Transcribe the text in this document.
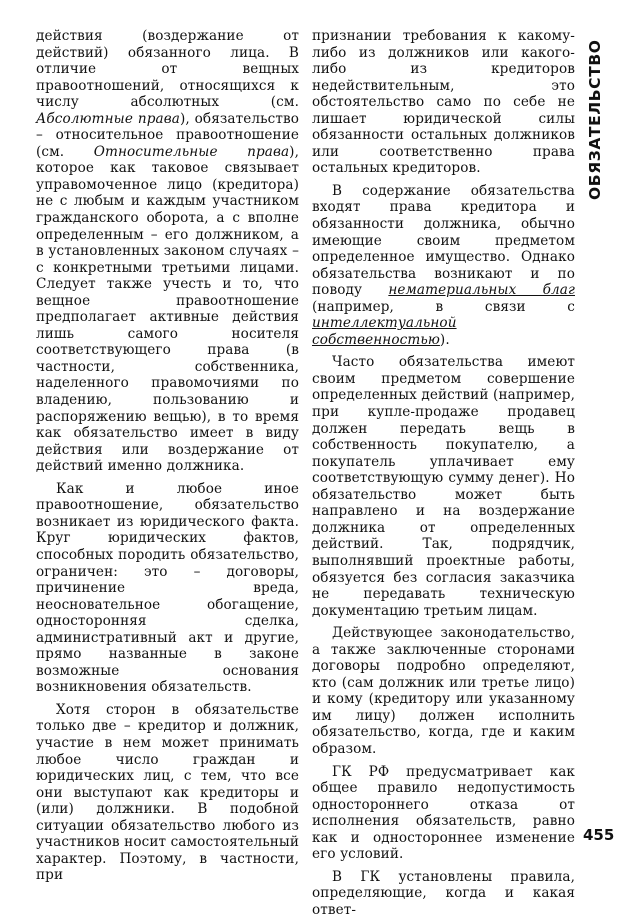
действия (воздержание от действий) обязанного лица. В отличие от вещных правоотношений, относящихся к числу абсолютных (см. Абсолютные права), обязательство – относительное правоотношение (см. Относительные права), которое как таковое связывает управомоченное лицо (кредитора) не с любым и каждым участником гражданского оборота, а с вполне определенным – его должником, а в установленных законом случаях – с конкретными третьими лицами. Следует также учесть и то, что вещное правоотношение предполагает активные действия лишь самого носителя соответствующего права (в частности, собственника, наделенного правомочиями по владению, пользованию и распоряжению вещью), в то время как обязательство имеет в виду действия или воздержание от действий именно должника.

Как и любое иное правоотношение, обязательство возникает из юридического факта. Круг юридических фактов, способных породить обязательство, ограничен: это – договоры, причинение вреда, неосновательное обогащение, односторонняя сделка, административный акт и другие, прямо названные в законе возможные основания возникновения обязательств.

Хотя сторон в обязательстве только две – кредитор и должник, участие в нем может принимать любое число граждан и юридических лиц, с тем, что все они выступают как кредиторы и (или) должники. В подобной ситуации обязательство любого из участников носит самостоятельный характер. Поэтому, в частности, при

признании требования к какому-либо из должников или какого-либо из кредиторов недействительным, это обстоятельство само по себе не лишает юридической силы обязанности остальных должников или соответственно права остальных кредиторов.

В содержание обязательства входят права кредитора и обязанности должника, обычно имеющие своим предметом определенное имущество. Однако обязательства возникают и по поводу нематериальных благ (например, в связи с интеллектуальной собственностью).

Часто обязательства имеют своим предметом совершение определенных действий (например, при купле-продаже продавец должен передать вещь в собственность покупателю, а покупатель уплачивает ему соответствующую сумму денег). Но обязательство может быть направлено и на воздержание должника от определенных действий. Так, подрядчик, выполнявший проектные работы, обязуется без согласия заказчика не передавать техническую документацию третьим лицам.

Действующее законодательство, а также заключенные сторонами договоры подробно определяют, кто (сам должник или третье лицо) и кому (кредитору или указанному им лицу) должен исполнить обязательство, когда, где и каким образом.

ГК РФ предусматривает как общее правило недопустимость одностороннего отказа от исполнения обязательств, равно как и одностороннее изменение его условий.

В ГК установлены правила, определяющие, когда и какая ответ-

ОБЯЗАТЕЛЬСТВО
455
